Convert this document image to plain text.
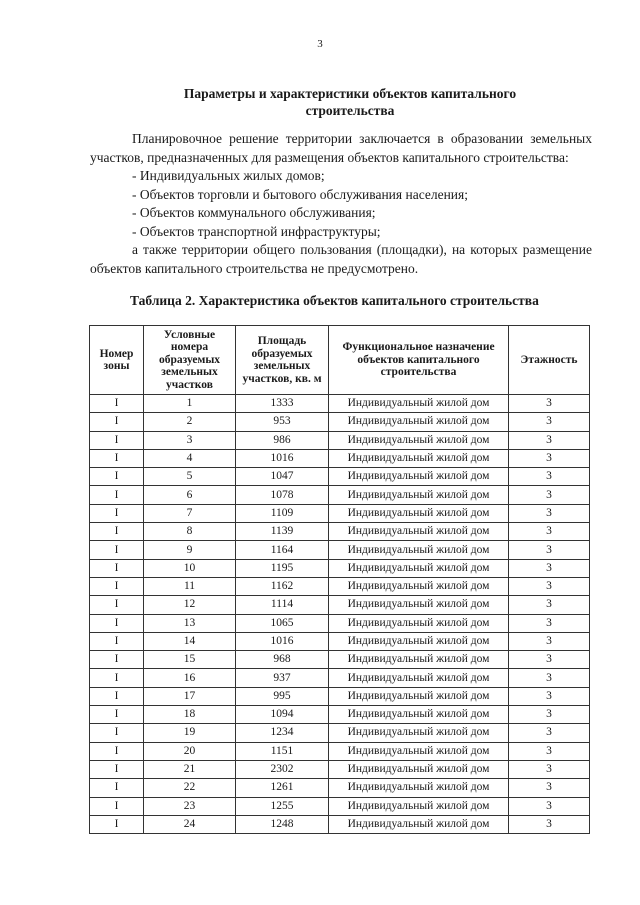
3
Параметры и характеристики объектов капитального строительства

Планировочное решение территории заключается в образовании земельных участков, предназначенных для размещения объектов капитального строительства:

- Индивидуальных жилых домов;

- Объектов торговли и бытового обслуживания населения;

- Объектов коммунального обслуживания;

- Объектов транспортной инфраструктуры;

а также территории общего пользования (площадки), на которых размещение объектов капитального строительства не предусмотрено.

Таблица 2. Характеристика объектов капитального строительства
Номер зоны	Условные номера образуемых земельных участков	Площадь образуемых земельных участков, кв. м	Функциональное назначение объектов капитального строительства	Этажность
I	1	1333	Индивидуальный жилой дом	3
I	2	953	Индивидуальный жилой дом	3
I	3	986	Индивидуальный жилой дом	3
I	4	1016	Индивидуальный жилой дом	3
I	5	1047	Индивидуальный жилой дом	3
I	6	1078	Индивидуальный жилой дом	3
I	7	1109	Индивидуальный жилой дом	3
I	8	1139	Индивидуальный жилой дом	3
I	9	1164	Индивидуальный жилой дом	3
I	10	1195	Индивидуальный жилой дом	3
I	11	1162	Индивидуальный жилой дом	3
I	12	1114	Индивидуальный жилой дом	3
I	13	1065	Индивидуальный жилой дом	3
I	14	1016	Индивидуальный жилой дом	3
I	15	968	Индивидуальный жилой дом	3
I	16	937	Индивидуальный жилой дом	3
I	17	995	Индивидуальный жилой дом	3
I	18	1094	Индивидуальный жилой дом	3
I	19	1234	Индивидуальный жилой дом	3
I	20	1151	Индивидуальный жилой дом	3
I	21	2302	Индивидуальный жилой дом	3
I	22	1261	Индивидуальный жилой дом	3
I	23	1255	Индивидуальный жилой дом	3
I	24	1248	Индивидуальный жилой дом	3
